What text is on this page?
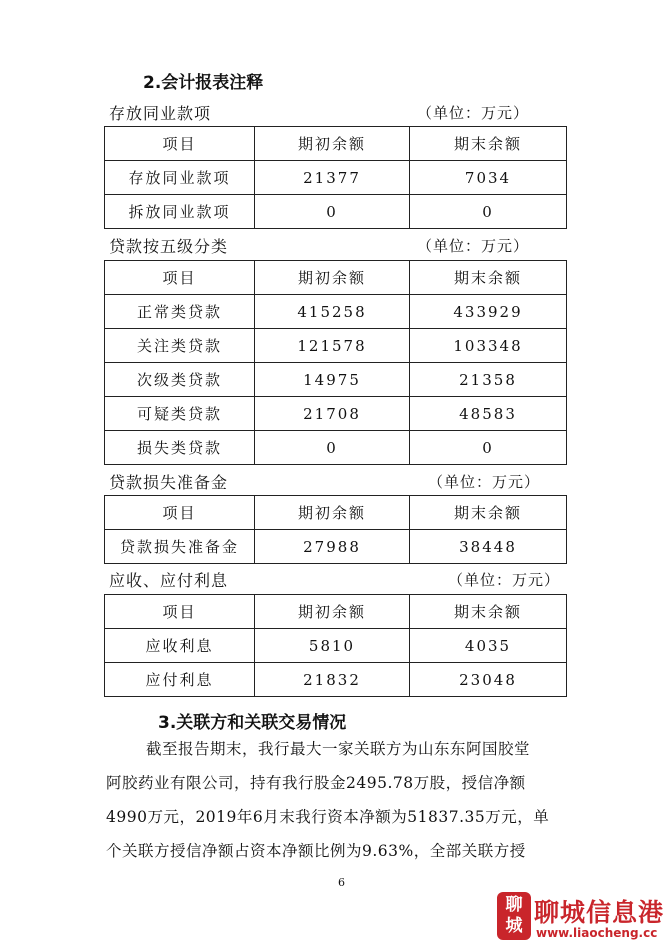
2.会计报表注释
存放同业款项	（单位：万元）
项目	期初余额	期末余额
存放同业款项	21377	7034
拆放同业款项	0	0
贷款按五级分类	（单位：万元）
项目	期初余额	期末余额
正常类贷款	415258	433929
关注类贷款	121578	103348
次级类贷款	14975	21358
可疑类贷款	21708	48583
损失类贷款	0	0
贷款损失准备金	（单位：万元）
项目	期初余额	期末余额
贷款损失准备金	27988	38448
应收、应付利息	（单位：万元）
项目	期初余额	期末余额
应收利息	5810	4035
应付利息	21832	23048
3.关联方和关联交易情况
截至报告期末，我行最大一家关联方为山东东阿国胶堂
阿胶药业有限公司，持有我行股金2495.78万股，授信净额
4990万元，2019年6月末我行资本净额为51837.35万元，单
个关联方授信净额占资本净额比例为9.63%，全部关联方授
6
聊
城 聊城信息港
www.liaocheng.cc
